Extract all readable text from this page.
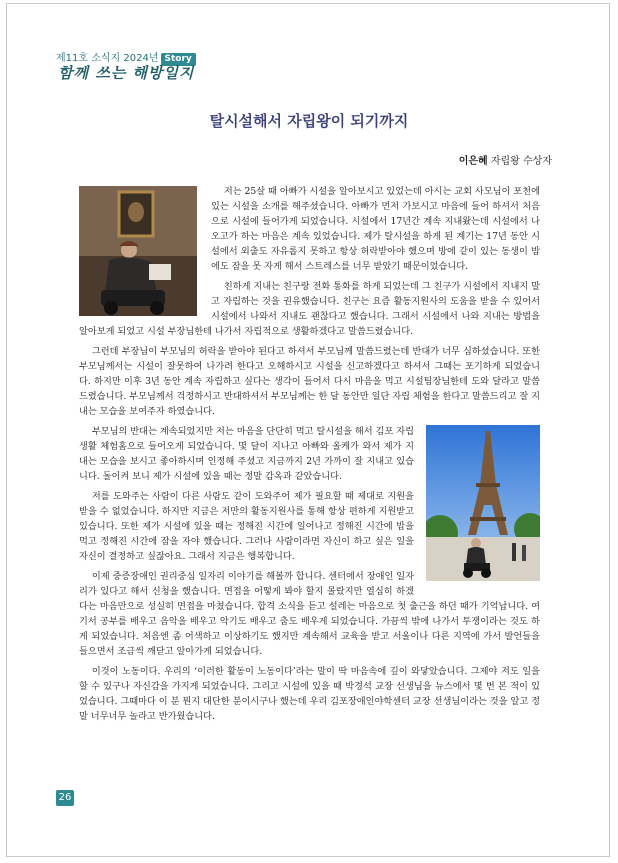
제11호 소식지 2024년 Story
함께 쓰는 해방일지
탈시설해서 자립왕이 되기까지
이은혜 자립왕 수상자

저는 25살 때 아빠가 시설을 알아보시고 있었는데 아시는 교회 사모님이 포천에 있는 시설을 소개를 해주셨습니다. 아빠가 먼저 가보시고 마음에 들어 하셔서 처음으로 시설에 들어가게 되었습니다. 시설에서 17년간 계속 지내왔는데 시설에서 나오고가 하는 마음은 계속 있었습니다. 제가 탈시설을 하게 된 계기는 17년 동안 시설에서 외출도 자유롭지 못하고 항상 허락받아야 했으며 방에 같이 있는 동생이 밤에도 잠을 못 자게 해서 스트레스를 너무 받았기 때문이었습니다.

친하게 지내는 친구랑 전화 통화를 하게 되었는데 그 친구가 시설에서 지내지 말고 자립하는 것을 권유했습니다. 친구는 요즘 활동지원사의 도움을 받을 수 있어서 시설에서 나와서 지내도 괜찮다고 했습니다. 그래서 시설에서 나와 지내는 방법을 알아보게 되었고 시설 부장님한테 나가서 자립적으로 생활하겠다고 말씀드렸습니다.

그런데 부장님이 부모님의 허락을 받아야 된다고 하셔서 부모님께 말씀드렸는데 반대가 너무 심하셨습니다. 또한 부모님께서는 시설이 잘못하여 나가려 한다고 오해하시고 시설을 신고하겠다고 하셔서 그때는 포기하게 되었습니다. 하지만 이후 3년 동안 계속 자립하고 싶다는 생각이 들어서 다시 마음을 먹고 시설팀장님한테 도와 달라고 말씀드렸습니다. 부모님께서 걱정하시고 반대하셔서 부모님께는 한 달 동안만 일단 자립 체험을 한다고 말씀드리고 잘 지내는 모습을 보여주자 하였습니다.

부모님의 반대는 계속되었지만 저는 마음을 단단히 먹고 탈시설을 해서 김포 자립생활 체험홈으로 들어오게 되었습니다. 몇 달이 지나고 아빠와 올케가 와서 제가 지내는 모습을 보시고 좋아하시며 인정해 주셨고 지금까지 2년 가까이 잘 지내고 있습니다. 돌이켜 보니 제가 시설에 있을 때는 정말 감옥과 같았습니다.

저를 도와주는 사람이 다른 사람도 같이 도와주어 제가 필요할 때 제대로 지원을 받을 수 없었습니다. 하지만 지금은 저만의 활동지원사를 통해 항상 편하게 지원받고 있습니다. 또한 제가 시설에 있을 때는 정해진 시간에 일어나고 정해진 시간에 밥을 먹고 정해진 시간에 잠을 자야 했습니다. 그러나 사람이라면 자신이 하고 싶은 일을 자신이 결정하고 싶잖아요. 그래서 지금은 행복합니다.

이제 중증장애인 권리중심 일자리 이야기를 해볼까 합니다. 센터에서 장애인 일자리가 있다고 해서 신청을 했습니다. 면접을 어떻게 봐야 할지 몰랐지만 열심히 하겠다는 마음만으로 성실히 면접을 마쳤습니다. 합격 소식을 듣고 설레는 마음으로 첫 출근을 하던 때가 기억납니다. 여기서 공부를 배우고 음악을 배우고 악기도 배우고 춤도 배우게 되었습니다. 가끔씩 밖에 나가서 투쟁이라는 것도 하게 되었습니다. 처음엔 좀 어색하고 이상하기도 했지만 계속해서 교육을 받고 서울이나 다른 지역에 가서 발언들을 들으면서 조금씩 깨닫고 알아가게 되었습니다.

이것이 노동이다. 우리의 ‘이러한 활동이 노동이다’라는 말이 딱 마음속에 깊이 와닿았습니다. 그제야 저도 일을 할 수 있구나 자신감을 가지게 되었습니다. 그리고 시설에 있을 때 박경석 교장 선생님을 뉴스에서 몇 번 본 적이 있었습니다. 그때마다 이 분 뭔지 대단한 분이시구나 했는데 우리 김포장애인야학센터 교장 선생님이라는 것을 알고 정말 너무너무 놀라고 반가웠습니다.

26
